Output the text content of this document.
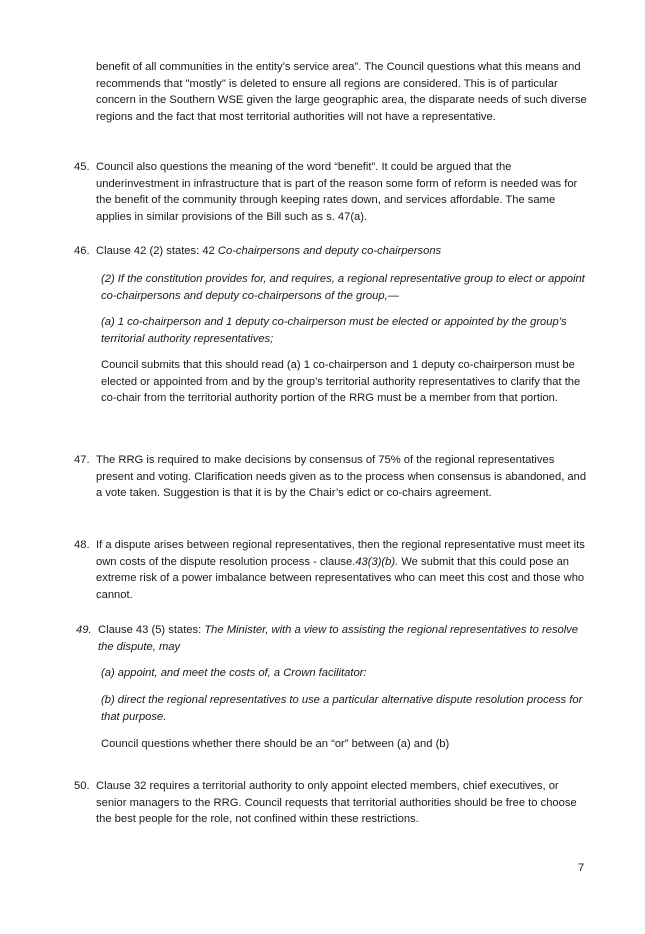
benefit of all communities in the entity’s service area”. The Council questions what this means and recommends that "mostly" is deleted to ensure all regions are considered. This is of particular concern in the Southern WSE given the large geographic area, the disparate needs of such diverse regions and the fact that most territorial authorities will not have a representative.

45. Council also questions the meaning of the word “benefit”. It could be argued that the underinvestment in infrastructure that is part of the reason some form of reform is needed was for the benefit of the community through keeping rates down, and services affordable. The same applies in similar provisions of the Bill such as s. 47(a).
46. Clause 42 (2) states: 42 Co-chairpersons and deputy co-chairpersons

(2) If the constitution provides for, and requires, a regional representative group to elect or appoint co-chairpersons and deputy co-chairpersons of the group,—

(a) 1 co-chairperson and 1 deputy co-chairperson must be elected or appointed by the group’s territorial authority representatives;

Council submits that this should read (a) 1 co-chairperson and 1 deputy co-chairperson must be elected or appointed from and by the group’s territorial authority representatives to clarify that the co-chair from the territorial authority portion of the RRG must be a member from that portion.

47. The RRG is required to make decisions by consensus of 75% of the regional representatives present and voting. Clarification needs given as to the process when consensus is abandoned, and a vote taken. Suggestion is that it is by the Chair’s edict or co-chairs agreement.
48. If a dispute arises between regional representatives, then the regional representative must meet its own costs of the dispute resolution process - clause.43(3)(b). We submit that this could pose an extreme risk of a power imbalance between representatives who can meet this cost and those who cannot.
49. Clause 43 (5) states: The Minister, with a view to assisting the regional representatives to resolve the dispute, may

(a) appoint, and meet the costs of, a Crown facilitator:

(b) direct the regional representatives to use a particular alternative dispute resolution process for that purpose.

Council questions whether there should be an “or” between (a) and (b)

50. Clause 32 requires a territorial authority to only appoint elected members, chief executives, or senior managers to the RRG. Council requests that territorial authorities should be free to choose the best people for the role, not confined within these restrictions.
7
